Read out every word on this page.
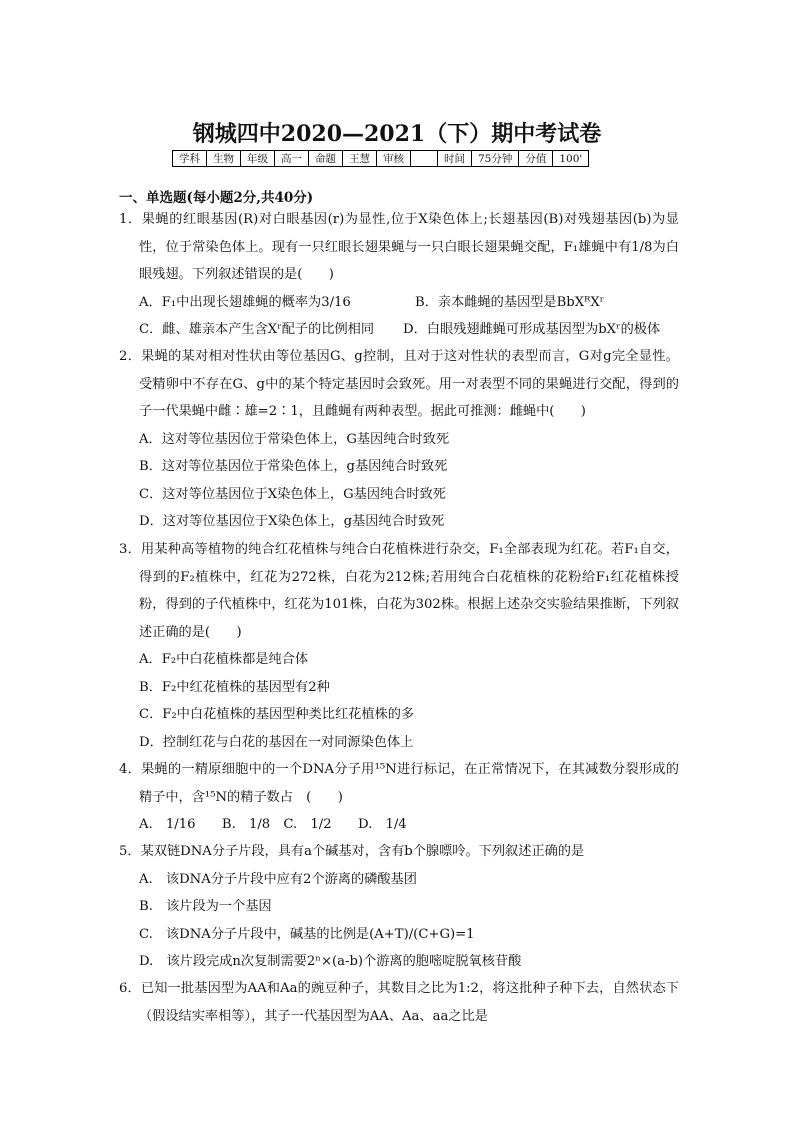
钢城四中2020—2021（下）期中考试卷
学科	生物	年级	高一	命题	王慧	审核		时间	75分钟	分值	100'
一、单选题(每小题2分,共40分)
1．果蝇的红眼基因(R)对白眼基因(r)为显性,位于X染色体上;长翅基因(B)对残翅基因(b)为显性，位于常染色体上。现有一只红眼长翅果蝇与一只白眼长翅果蝇交配，F₁雄蝇中有1/8为白眼残翅。下列叙述错误的是(　　)
A．F₁中出现长翅雄蝇的概率为3/16	B．亲本雌蝇的基因型是BbXᴿXʳ
C．雌、雄亲本产生含Xʳ配子的比例相同	D．白眼残翅雌蝇可形成基因型为bXʳ的极体
2．果蝇的某对相对性状由等位基因G、g控制，且对于这对性状的表型而言，G对g完全显性。受精卵中不存在G、g中的某个特定基因时会致死。用一对表型不同的果蝇进行交配，得到的子一代果蝇中雌∶雄=2∶1，且雌蝇有两种表型。据此可推测：雌蝇中(　　)
A．这对等位基因位于常染色体上，G基因纯合时致死
B．这对等位基因位于常染色体上，g基因纯合时致死
C．这对等位基因位于X染色体上，G基因纯合时致死
D．这对等位基因位于X染色体上，g基因纯合时致死
3．用某种高等植物的纯合红花植株与纯合白花植株进行杂交，F₁全部表现为红花。若F₁自交，得到的F₂植株中，红花为272株，白花为212株;若用纯合白花植株的花粉给F₁红花植株授粉，得到的子代植株中，红花为101株，白花为302株。根据上述杂交实验结果推断，下列叙述正确的是(　　)
A．F₂中白花植株都是纯合体
B．F₂中红花植株的基因型有2种
C．F₂中白花植株的基因型种类比红花植株的多
D．控制红花与白花的基因在一对同源染色体上
4．果蝇的一精原细胞中的一个DNA分子用¹⁵N进行标记，在正常情况下，在其减数分裂形成的精子中，含¹⁵N的精子数占　(　　)
A.　1/16　　B.　1/8　C.　1/2　　D.　1/4
5．某双链DNA分子片段，具有a个碱基对，含有b个腺嘌呤。下列叙述正确的是
A.　该DNA分子片段中应有2个游离的磷酸基团
B.　该片段为一个基因
C.　该DNA分子片段中，碱基的比例是(A+T)/(C+G)=1
D.　该片段完成n次复制需要2ⁿ×(a-b)个游离的胞嘧啶脱氧核苷酸
6．已知一批基因型为AA和Aa的豌豆种子，其数目之比为1:2，将这批种子种下去，自然状态下（假设结实率相等），其子一代基因型为AA、Aa、aa之比是
